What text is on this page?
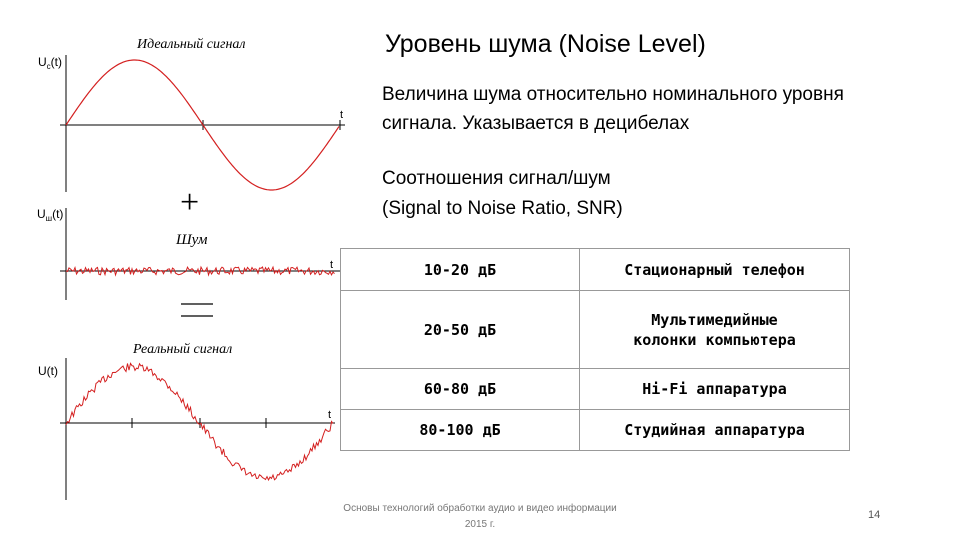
Идеальный сигнал
$U_c(t)$
t
+
Шум
$U_ш(t)$
t
Реальный сигнал
U(t)
t
Уровень шума (Noise Level)
Величина шума относительно номинального уровня сигнала. Указывается в децибелах
Соотношения сигнал/шум
(Signal to Noise Ratio, SNR)
10-20 дБ	Стационарный телефон
20-50 дБ	Мультимедийные
колонки компьютера

60-80 дБ	Hi-Fi аппаратура
80-100 дБ	Студийная аппаратура
Основы технологий обработки аудио и видео информации
2015 г.
14
